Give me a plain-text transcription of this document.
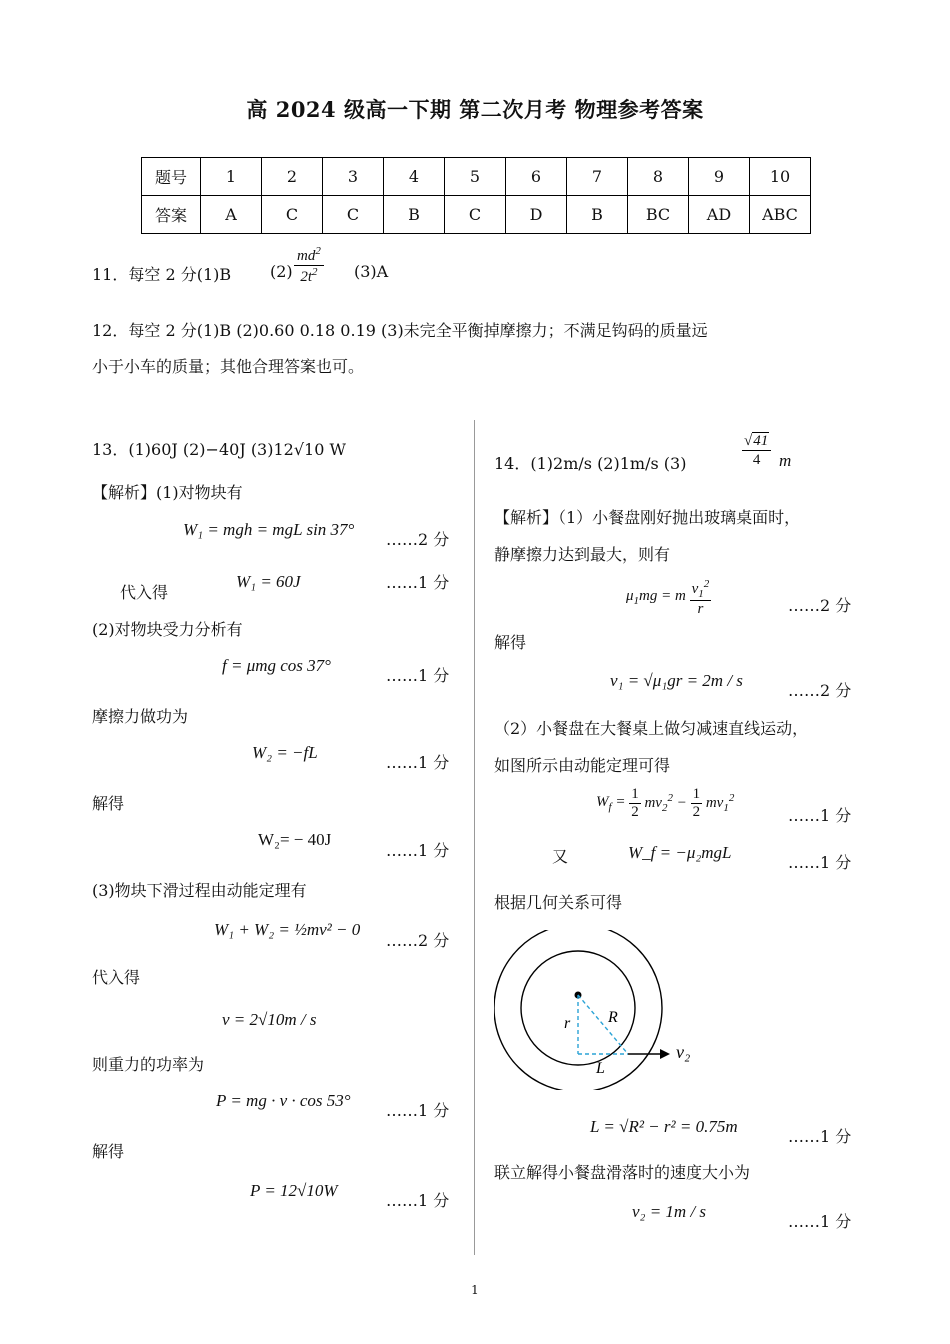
高 2024 级高一下期 第二次月考 物理参考答案
题号	1	2	3	4	5	6	7	8	9	10
答案	A	C	C	B	C	D	B	BC	AD	ABC
11．每空 2 分(1)B (2)
$md^2$
$2t^2$	(3)A
12．每空 2 分(1)B (2)0.60 0.18 0.19 (3)未完全平衡掉摩擦力；不满足钩码的质量远
小于小车的质量；其他合理答案也可。
13．(1)60J (2)−40J (3)12√10 W
【解析】(1)对物块有
W₁ = mgh = mgL sin 37°
……2 分
代入得
W₁ = 60J	……1 分
(2)对物块受力分析有
f = μmg cos 37°
……1 分
摩擦力做功为
W₂ = −fL
……1 分
解得
W₂= − 40J
……1 分
(3)物块下滑过程由动能定理有
W₁ + W₂ = ½mv² − 0
……2 分
代入得
v = 2√10m / s
则重力的功率为
P = mg · v · cos 53°
……1 分
解得
P = 12√10W
……1 分
14．(1)2m/s (2)1m/s (3)
√41
4	m
【解析】（1）小餐盘刚好抛出玻璃桌面时，
静摩擦力达到最大，则有
$\mu_1mg = m \frac{v_1^2}{r}$	……2 分
解得
v₁ = √μ₁gr = 2m / s
……2 分
（2）小餐盘在大餐桌上做匀减速直线运动，
如图所示由动能定理可得
$W_f = \frac{1}{2} mv_2^2 - \frac{1}{2} mv_1^2$
……1 分
又	W_f = −μ₂mgL
……1 分
根据几何关系可得
r R
L
v₂
L = √R² − r² = 0.75m
……1 分
联立解得小餐盘滑落时的速度大小为
v₂ = 1m / s
……1 分
1
